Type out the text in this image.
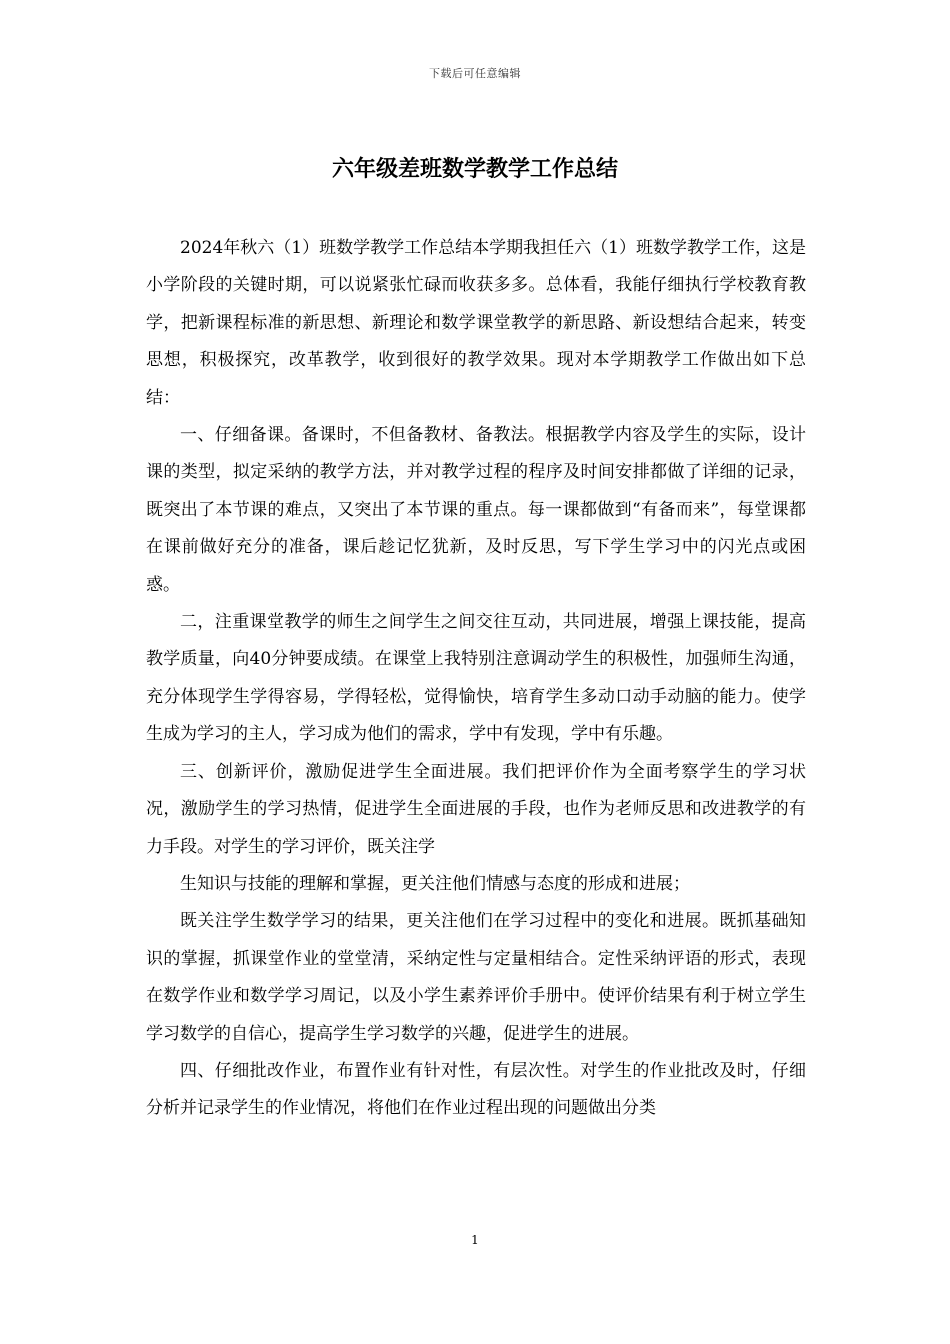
下载后可任意编辑
六年级差班数学教学工作总结

2024年秋六（1）班数学教学工作总结本学期我担任六（1）班数学教学工作，这是小学阶段的关键时期，可以说紧张忙碌而收获多多。总体看，我能仔细执行学校教育教学，把新课程标准的新思想、新理论和数学课堂教学的新思路、新设想结合起来，转变思想，积极探究，改革教学，收到很好的教学效果。现对本学期教学工作做出如下总结：

一、仔细备课。备课时，不但备教材、备教法。根据教学内容及学生的实际，设计课的类型，拟定采纳的教学方法，并对教学过程的程序及时间安排都做了详细的记录，既突出了本节课的难点，又突出了本节课的重点。每一课都做到“有备而来”，每堂课都在课前做好充分的准备，课后趁记忆犹新，及时反思，写下学生学习中的闪光点或困惑。

二，注重课堂教学的师生之间学生之间交往互动，共同进展，增强上课技能，提高教学质量，向40分钟要成绩。在课堂上我特别注意调动学生的积极性，加强师生沟通，充分体现学生学得容易，学得轻松，觉得愉快，培育学生多动口动手动脑的能力。使学生成为学习的主人，学习成为他们的需求，学中有发现，学中有乐趣。

三、创新评价，激励促进学生全面进展。我们把评价作为全面考察学生的学习状况，激励学生的学习热情，促进学生全面进展的手段，也作为老师反思和改进教学的有力手段。对学生的学习评价，既关注学

生知识与技能的理解和掌握，更关注他们情感与态度的形成和进展；

既关注学生数学学习的结果，更关注他们在学习过程中的变化和进展。既抓基础知识的掌握，抓课堂作业的堂堂清，采纳定性与定量相结合。定性采纳评语的形式，表现在数学作业和数学学习周记，以及小学生素养评价手册中。使评价结果有利于树立学生学习数学的自信心，提高学生学习数学的兴趣，促进学生的进展。

四、仔细批改作业，布置作业有针对性，有层次性。对学生的作业批改及时，仔细分析并记录学生的作业情况，将他们在作业过程出现的问题做出分类

1
